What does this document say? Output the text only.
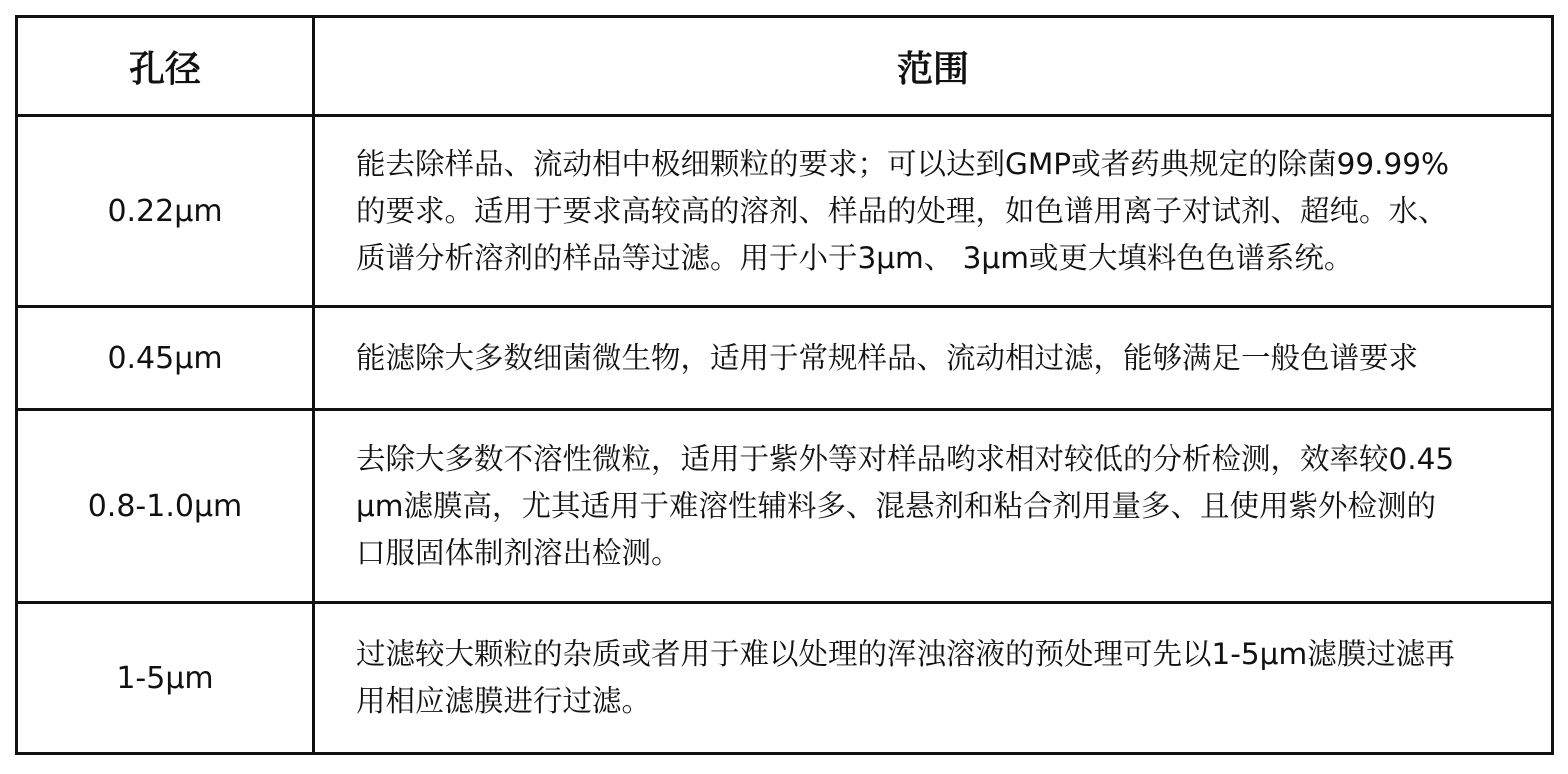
孔径	范围
0.22μm	能去除样品、流动相中极细颗粒的要求；可以达到GMP或者药典规定的除菌99.99%
的要求。适用于要求高较高的溶剂、样品的处理，如色谱用离子对试剂、超纯。水、
质谱分析溶剂的样品等过滤。用于小于3μm、 3μm或更大填料色色谱系统。
0.45μm	能滤除大多数细菌微生物，适用于常规样品、流动相过滤，能够满足一般色谱要求
0.8-1.0μm	去除大多数不溶性微粒，适用于紫外等对样品哟求相对较低的分析检测，效率较0.45
μm滤膜高，尤其适用于难溶性辅料多、混悬剂和粘合剂用量多、且使用紫外检测的
口服固体制剂溶出检测。
1-5μm	过滤较大颗粒的杂质或者用于难以处理的浑浊溶液的预处理可先以1-5μm滤膜过滤再
用相应滤膜进行过滤。
